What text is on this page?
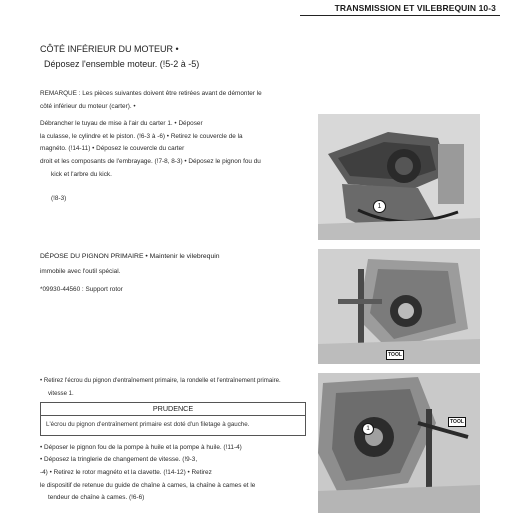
TRANSMISSION ET VILEBREQUIN 10-3
CÔTÉ INFÉRIEUR DU MOTEUR •
Déposez l'ensemble moteur. (!5-2 à -5)
REMARQUE : Les pièces suivantes doivent être retirées avant de démonter le
côté inférieur du moteur (carter). •
Débrancher le tuyau de mise à l'air du carter 1. • Déposer
la culasse, le cylindre et le piston. (!6-3 à -6) • Retirez le couvercle de la
magnéto. (!14-11) • Déposez le couvercle du carter
droit et les composants de l'embrayage. (!7-8, 8-3) • Déposez le pignon fou du
kick et l'arbre du kick.
(!8-3)
1
DÉPOSE DU PIGNON PRIMAIRE • Maintenir le vilebrequin
immobile avec l'outil spécial.
*09930-44560 : Support rotor
TOOL
• Retirez l'écrou du pignon d'entraînement primaire, la rondelle et l'entraînement primaire.
vitesse 1.
PRUDENCE
L'écrou du pignon d'entraînement primaire est doté d'un filetage à gauche.
• Déposer le pignon fou de la pompe à huile et la pompe à huile. (!11-4)
• Déposez la tringlerie de changement de vitesse. (!9-3,
-4) • Retirez le rotor magnéto et la clavette. (!14-12) • Retirez
le dispositif de retenue du guide de chaîne à cames, la chaîne à cames et le
tendeur de chaîne à cames. (!6-6)
1
TOOL
